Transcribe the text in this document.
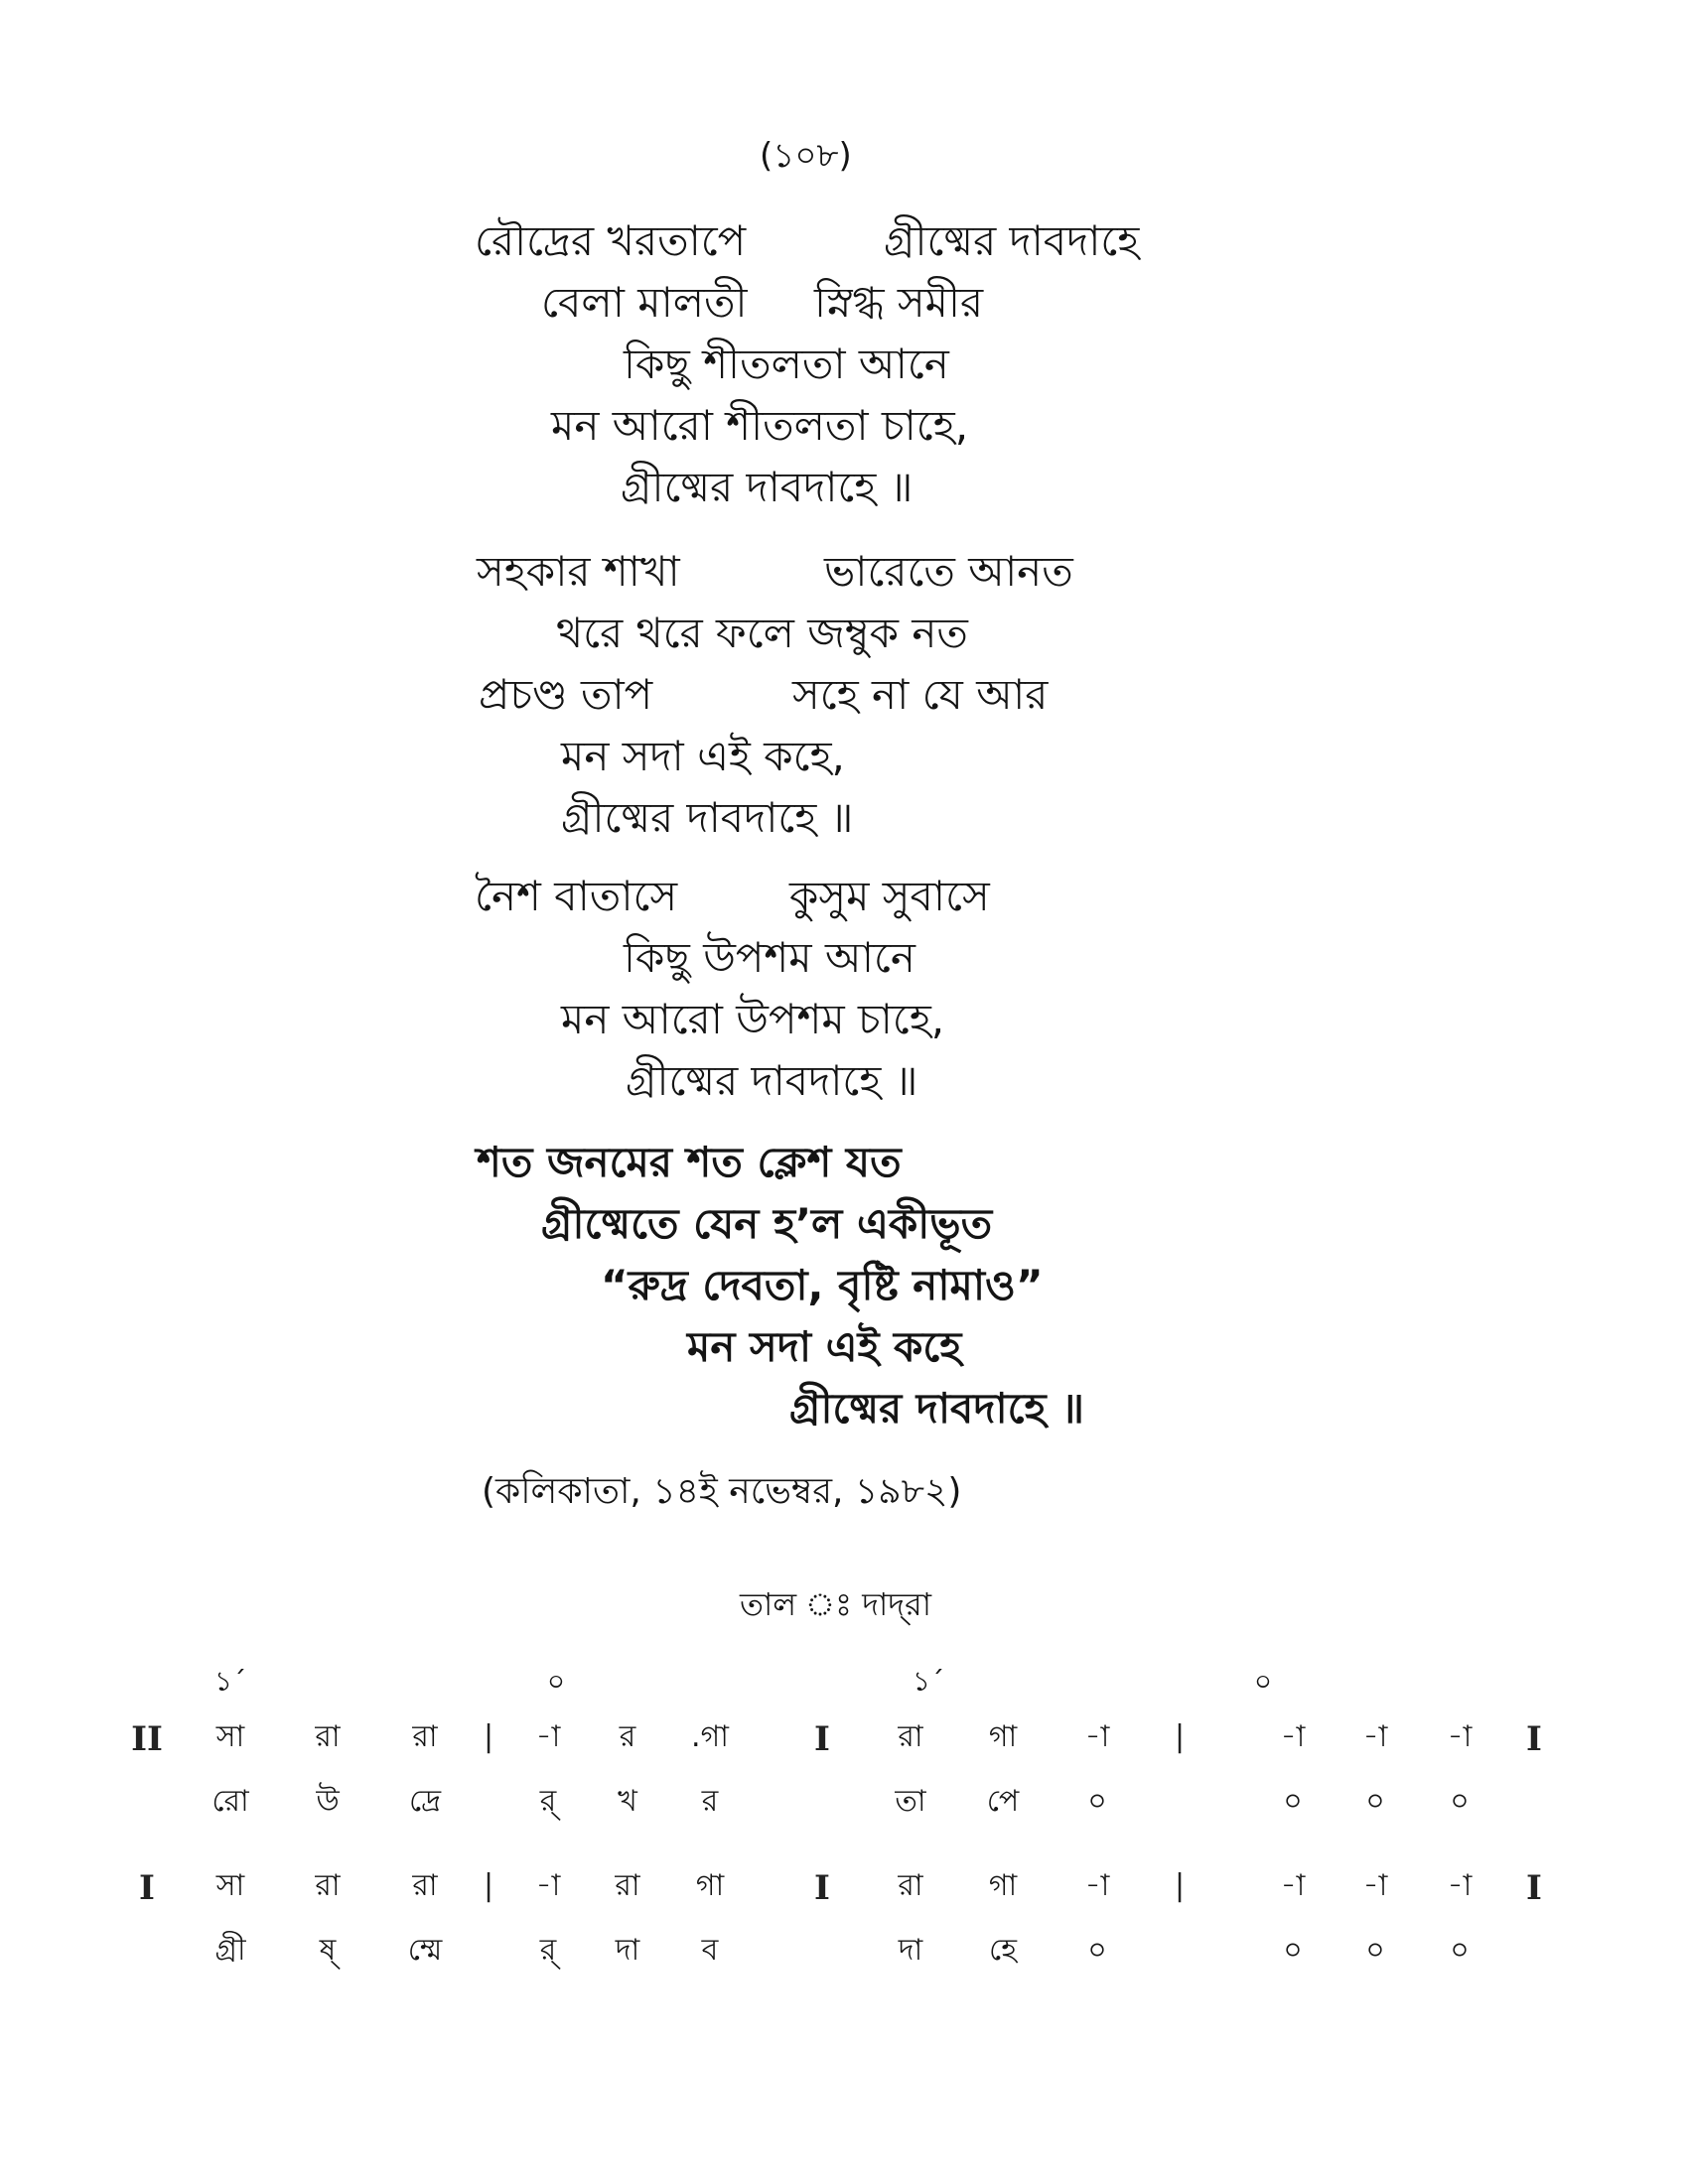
(১০৮)
রৌদ্রের খরতাপে	গ্রীষ্মের দাবদাহে
বেলা মালতী স্নিগ্ধ সমীর
কিছু শীতলতা আনে
মন আরো শীতলতা চাহে,
গ্রীষ্মের দাবদাহে ॥
সহকার শাখা	ভারেতে আনত
থরে থরে ফলে জম্বুক নত
প্রচণ্ড তাপ	সহে না যে আর
মন সদা এই কহে,
গ্রীষ্মের দাবদাহে ॥
নৈশ বাতাসে	কুসুম সুবাসে
কিছু উপশম আনে
মন আরো উপশম চাহে,
গ্রীষ্মের দাবদাহে ॥
শত জনমের শত ক্লেশ যত
গ্রীষ্মেতে যেন হ’ল একীভূত
“রুদ্র দেবতা, বৃষ্টি নামাও”
মন সদা এই কহে
গ্রীষ্মের দাবদাহে ॥
(কলিকাতা, ১৪ই নভেম্বর, ১৯৮২)
তাল ঃ দাদ্‌রা
১´	০	১´	০
II সা রা রা | -া র .গা	I রা গা -া |	-া -া -া I
রো উ দ্রে	র্ খ র	তা পে ০	০ ০ ০
I সা রা রা | -া রা গা	I রা গা -া |	-া -া -া I
গ্রী ষ্ ম্মে	র্ দা ব	দা হে ০	০ ০ ০
